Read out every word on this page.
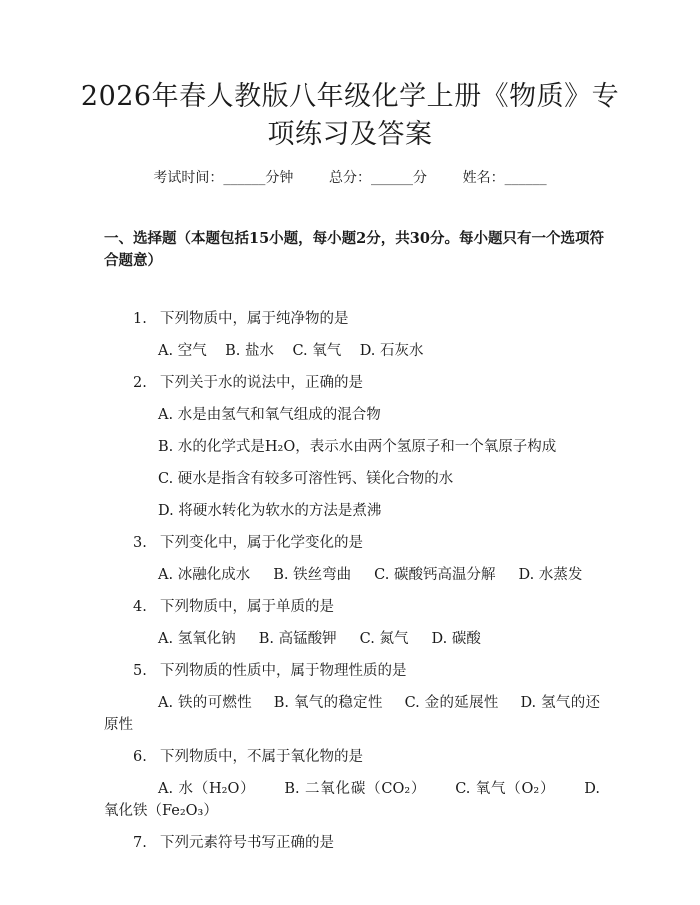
2026年春人教版八年级化学上册《物质》专
项练习及答案
考试时间：______分钟	总分：______分	姓名：______
一、选择题（本题包括15小题，每小题2分，共30分。每小题只有一个选项符
合题意）
1. 下列物质中，属于纯净物的是
A. 空气 B. 盐水 C. 氧气 D. 石灰水
2. 下列关于水的说法中，正确的是
A. 水是由氢气和氧气组成的混合物
B. 水的化学式是H₂O，表示水由两个氢原子和一个氧原子构成
C. 硬水是指含有较多可溶性钙、镁化合物的水
D. 将硬水转化为软水的方法是煮沸
3. 下列变化中，属于化学变化的是
A. 冰融化成水 B. 铁丝弯曲 C. 碳酸钙高温分解 D. 水蒸发
4. 下列物质中，属于单质的是
A. 氢氧化钠 B. 高锰酸钾 C. 氮气 D. 碳酸
5. 下列物质的性质中，属于物理性质的是
A. 铁的可燃性   B. 氧气的稳定性   C. 金的延展性   D. 氢气的还原性
6. 下列物质中，不属于氧化物的是
A. 水（H₂O）   B. 二氧化碳（CO₂）   C. 氧气（O₂）   D. 氧化铁（Fe₂O₃）
7. 下列元素符号书写正确的是
